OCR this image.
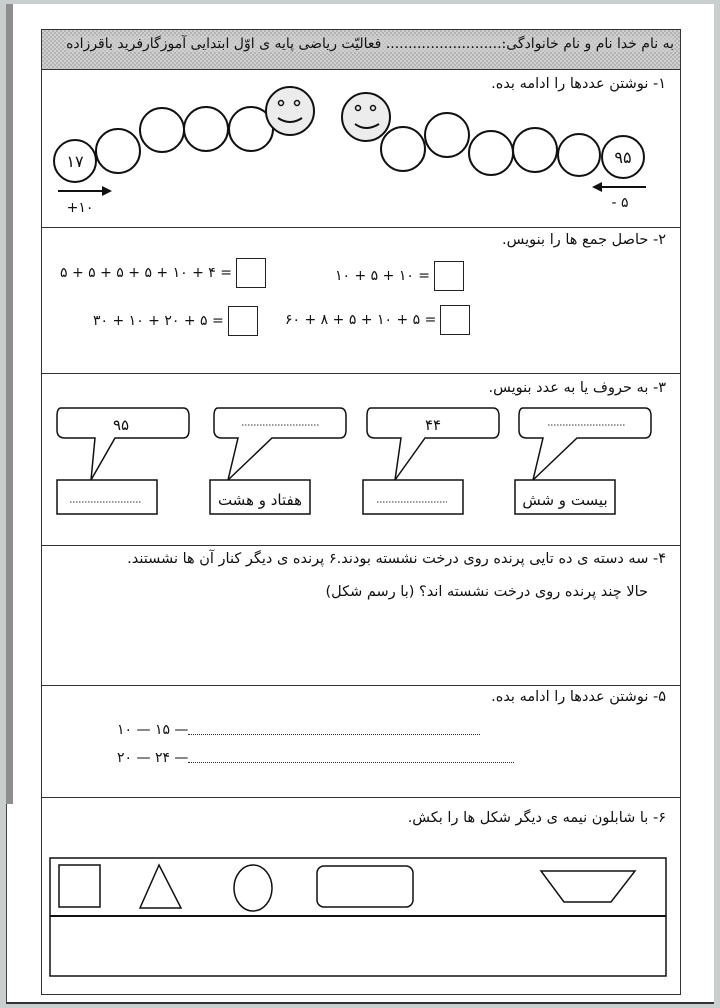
به نام خدا نام و نام خانوادگی:.......................... فعالیّت ریاضی پایه ی اوّل ابتدایی آموزگار‌فرید باقرزاده
۱- نوشتن عددها را ادامه بده.
۱۷
+۱۰
۹۵
- ۵
۲- حاصل جمع ها را بنویس.
۵ + ۵ + ۵ + ۵ + ۱۰ + ۴ =	۱۰ + ۵ + ۱۰ =
۳۰ + ۱۰ + ۲۰ + ۵ =	۶۰ + ۸ + ۵ + ۱۰ + ۵ =
۳- به حروف یا به عدد بنویس.
۹۵
هفتاد و هشت
۴۴
بیست و شش
۴- سه دسته ی ده تایی پرنده روی درخت نشسته بودند.۶ پرنده ی دیگر کنار آن ها نشستند.
حالا چند پرنده روی درخت نشسته اند؟ (با رسم شکل)
۵- نوشتن عددها را ادامه بده.
۱۰ — ۱۵ —
۲۰ — ۲۴ —
۶- با شابلون نیمه ی دیگر شکل ها را بکش.
